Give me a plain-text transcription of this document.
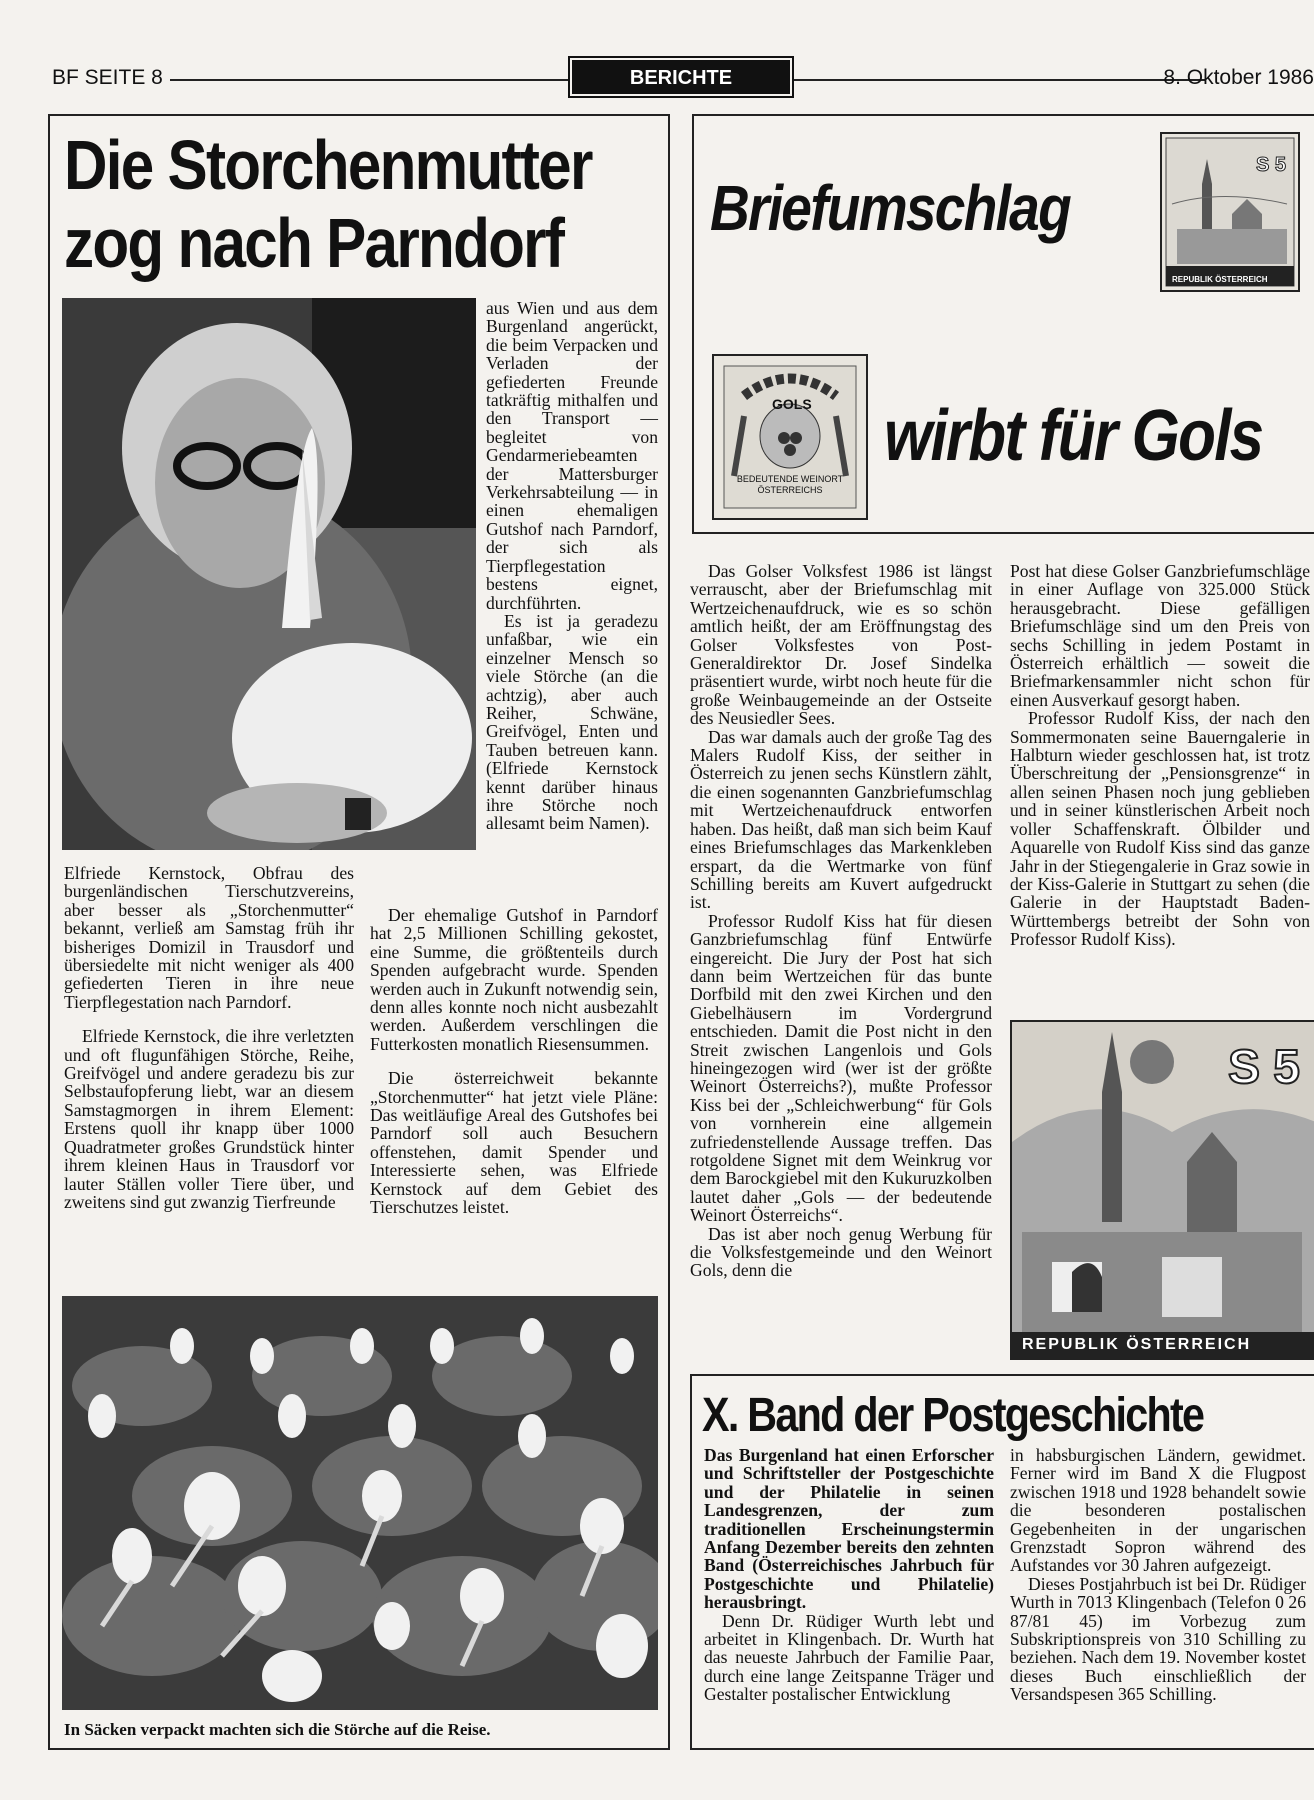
BF SEITE 8	BERICHTE	8. Oktober 1986
Die Storchenmutter
zog nach Parndorf

aus Wien und aus dem Burgenland angerückt, die beim Verpacken und Verladen der gefiederten Freunde tatkräftig mithalfen und den Transport — begleitet von Gendarmeriebeamten der Mattersburger Verkehrsabteilung — in einen ehemaligen Gutshof nach Parndorf, der sich als Tierpflegestation bestens eignet, durchführten.

Es ist ja geradezu unfaßbar, wie ein einzelner Mensch so viele Störche (an die achtzig), aber auch Reiher, Schwäne, Greifvögel, Enten und Tauben betreuen kann. (Elfriede Kernstock kennt darüber hinaus ihre Störche noch allesamt beim Namen).

Elfriede Kernstock, Obfrau des burgenländischen Tierschutzvereins, aber besser als „Storchenmutter“ bekannt, verließ am Samstag früh ihr bisheriges Domizil in Trausdorf und übersiedelte mit nicht weniger als 400 gefiederten Tieren in ihre neue Tierpflegestation nach Parndorf.

Elfriede Kernstock, die ihre verletzten und oft flugunfähigen Störche, Reihe, Greifvögel und andere geradezu bis zur Selbstaufopferung liebt, war an diesem Samstagmorgen in ihrem Element: Erstens quoll ihr knapp über 1000 Quadratmeter großes Grundstück hinter ihrem kleinen Haus in Trausdorf vor lauter Ställen voller Tiere über, und zweitens sind gut zwanzig Tierfreunde

Der ehemalige Gutshof in Parndorf hat 2,5 Millionen Schilling gekostet, eine Summe, die größtenteils durch Spenden aufgebracht wurde. Spenden werden auch in Zukunft notwendig sein, denn alles konnte noch nicht ausbezahlt werden. Außerdem verschlingen die Futterkosten monatlich Riesensummen.

Die österreichweit bekannte „Storchenmutter“ hat jetzt viele Pläne: Das weitläufige Areal des Gutshofes bei Parndorf soll auch Besuchern offenstehen, damit Spender und Interessierte sehen, was Elfriede Kernstock auf dem Gebiet des Tierschutzes leistet.

In Säcken verpackt machten sich die Störche auf die Reise.
Briefumschlag
wirbt für Gols
S 5
REPUBLIK ÖSTERREICH
GOLS
BEDEUTENDE WEINORT ÖSTERREICHS

Das Golser Volksfest 1986 ist längst verrauscht, aber der Briefumschlag mit Wertzeichenaufdruck, wie es so schön amtlich heißt, der am Eröffnungstag des Golser Volksfestes von Post-Generaldirektor Dr. Josef Sindelka präsentiert wurde, wirbt noch heute für die große Weinbaugemeinde an der Ostseite des Neusiedler Sees.

Das war damals auch der große Tag des Malers Rudolf Kiss, der seither in Österreich zu jenen sechs Künstlern zählt, die einen sogenannten Ganzbriefumschlag mit Wertzeichenaufdruck entworfen haben. Das heißt, daß man sich beim Kauf eines Briefumschlages das Markenkleben erspart, da die Wertmarke von fünf Schilling bereits am Kuvert aufgedruckt ist.

Professor Rudolf Kiss hat für diesen Ganzbriefumschlag fünf Entwürfe eingereicht. Die Jury der Post hat sich dann beim Wertzeichen für das bunte Dorfbild mit den zwei Kirchen und den Giebelhäusern im Vordergrund entschieden. Damit die Post nicht in den Streit zwischen Langenlois und Gols hineingezogen wird (wer ist der größte Weinort Österreichs?), mußte Professor Kiss bei der „Schleichwerbung“ für Gols von vornherein eine allgemein zufriedenstellende Aussage treffen. Das rotgoldene Signet mit dem Weinkrug vor dem Barockgiebel mit den Kukuruzkolben lautet daher „Gols — der bedeutende Weinort Österreichs“.

Das ist aber noch genug Werbung für die Volksfestgemeinde und den Weinort Gols, denn die

Post hat diese Golser Ganzbriefumschläge in einer Auflage von 325.000 Stück herausgebracht. Diese gefälligen Briefumschläge sind um den Preis von sechs Schilling in jedem Postamt in Österreich erhältlich — soweit die Briefmarkensammler nicht schon für einen Ausverkauf gesorgt haben.

Professor Rudolf Kiss, der nach den Sommermonaten seine Bauerngalerie in Halbturn wieder geschlossen hat, ist trotz Überschreitung der „Pensionsgrenze“ in allen seinen Phasen noch jung geblieben und in seiner künstlerischen Arbeit noch voller Schaffenskraft. Ölbilder und Aquarelle von Rudolf Kiss sind das ganze Jahr in der Stiegengalerie in Graz sowie in der Kiss-Galerie in Stuttgart zu sehen (die Galerie in der Hauptstadt Baden-Württembergs betreibt der Sohn von Professor Rudolf Kiss).

S 5
REPUBLIK ÖSTERREICH
X. Band der Postgeschichte

Das Burgenland hat einen Erforscher und Schriftsteller der Postgeschichte und der Philatelie in seinen Landesgrenzen, der zum traditionellen Erscheinungstermin Anfang Dezember bereits den zehnten Band (Österreichisches Jahrbuch für Postgeschichte und Philatelie) herausbringt.

Denn Dr. Rüdiger Wurth lebt und arbeitet in Klingenbach. Dr. Wurth hat das neueste Jahrbuch der Familie Paar, durch eine lange Zeitspanne Träger und Gestalter postalischer Entwicklung

in habsburgischen Ländern, gewidmet. Ferner wird im Band X die Flugpost zwischen 1918 und 1928 behandelt sowie die besonderen postalischen Gegebenheiten in der ungarischen Grenzstadt Sopron während des Aufstandes vor 30 Jahren aufgezeigt.

Dieses Postjahrbuch ist bei Dr. Rüdiger Wurth in 7013 Klingenbach (Telefon 0 26 87/81 45) im Vorbezug zum Subskriptionspreis von 310 Schilling zu beziehen. Nach dem 19. November kostet dieses Buch einschließlich der Versandspesen 365 Schilling.
